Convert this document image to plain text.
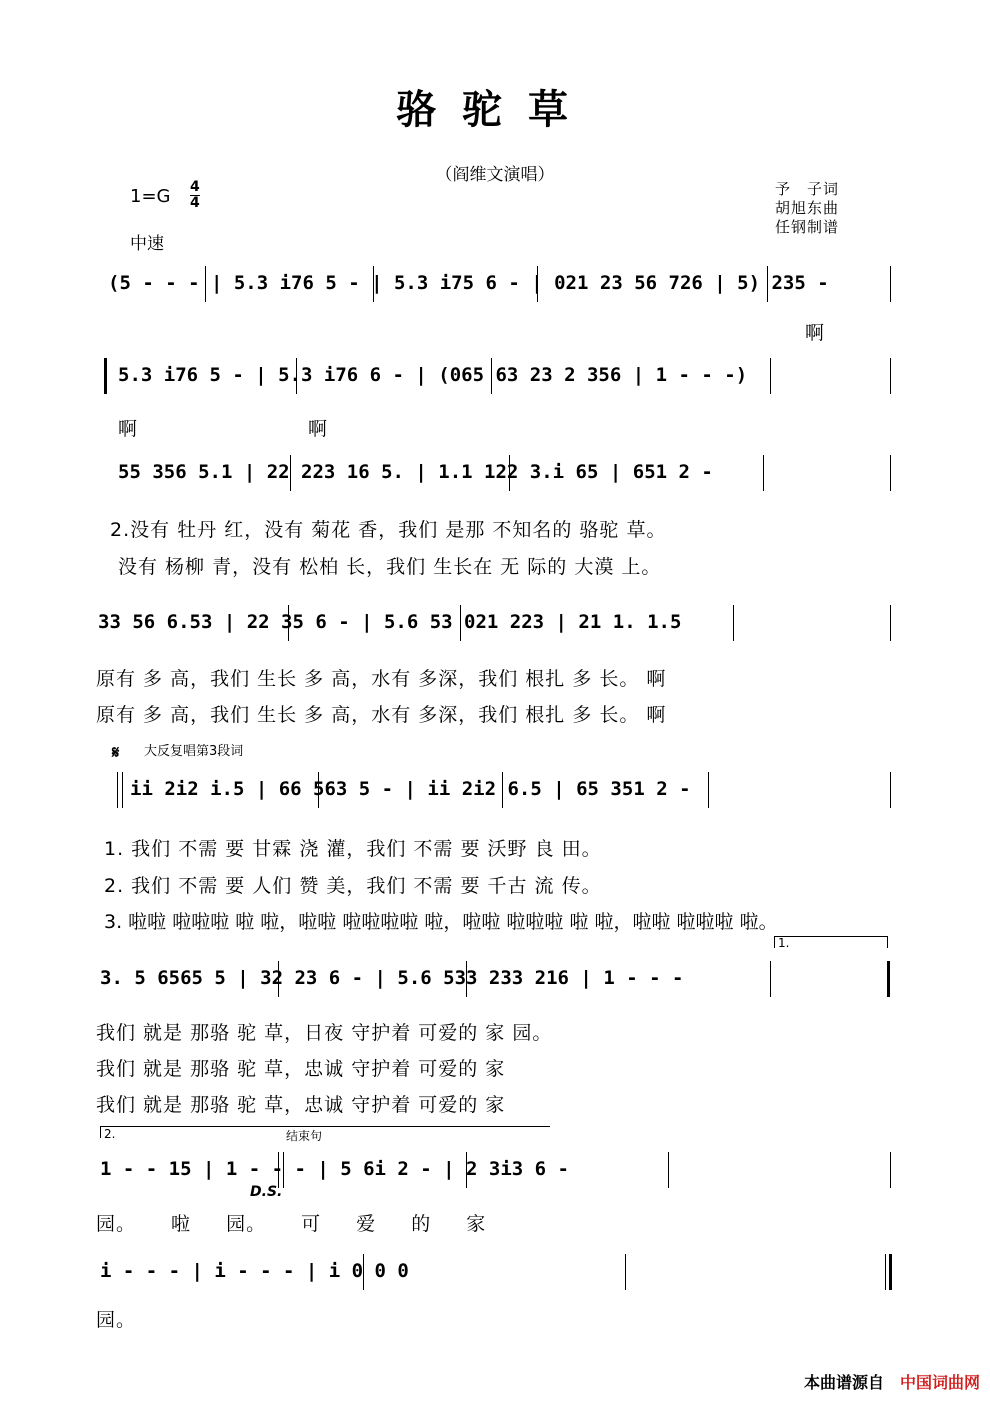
骆驼草
（阎维文演唱）
予　子词
胡旭东曲
任钢制谱
1=G 4
4
中速
(5 - - - | 5.3 i76 5 - | 5.3 i75 6 - | 021 23 56 726 | 5) 235 -
啊
5.3 i76 5 - | 5.3 i76 6 - | (065 63 23 2 356 | 1 - - -)
啊	啊
55 356 5.1 | 22 223 16 5. | 1.1 122 3.i 65 | 651 2 -
2.没有 牡丹 红，没有 菊花 香，我们 是那 不知名的 骆驼 草。
没有 杨柳 青，没有 松柏 长，我们 生长在 无 际的 大漠 上。
33 56 6.53 | 22 35 6 - | 5.6 53 021 223 | 21 1. 1.5
原有 多 高，我们 生长 多 高，水有 多深，我们 根扎 多 长。 啊
原有 多 高，我们 生长 多 高，水有 多深，我们 根扎 多 长。 啊
𝄋 大反复唱第3段词
ii 2i2 i.5 | 66 563 5 - | ii 2i2 6.5 | 65 351 2 -
1. 我们 不需 要 甘霖 浇 灌，我们 不需 要 沃野 良 田。
2. 我们 不需 要 人们 赞 美，我们 不需 要 千古 流 传。
3. 啦啦 啦啦啦 啦 啦，啦啦 啦啦啦啦 啦，啦啦 啦啦啦 啦 啦，啦啦 啦啦啦 啦。
1.
3. 5 6565 5 | 32 23 6 - | 5.6 533 233 216 | 1 - - -
我们 就是 那骆 驼 草，日夜 守护着 可爱的 家 园。
我们 就是 那骆 驼 草，忠诚 守护着 可爱的 家
我们 就是 那骆 驼 草，忠诚 守护着 可爱的 家
2.	结束句
1 - - 15 | 1 - - - | 5 6i 2 - | 2 3i3 6 -
D.S.
园。 啦 园。 可 爱 的 家
i - - - | i - - - | i 0 0 0
园。
本曲谱源自 中国词曲网
